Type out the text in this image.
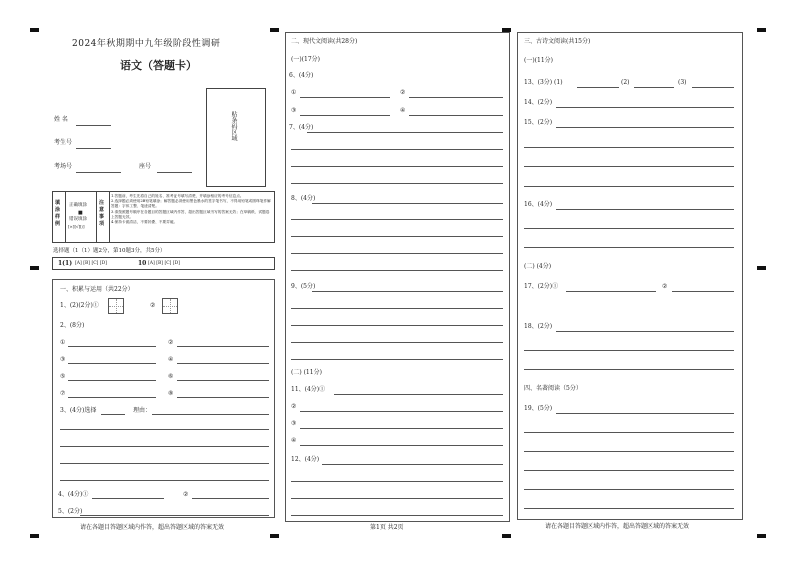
2024年秋期期中九年级阶段性调研
语文（答题卡）
姓 名
考生号
考场号	座号
贴条码区域
填涂样例
正确填涂
■
错误填涂
[×][√][/]
注意事项
1.答题前，考生先将自己的姓名、准考证号填写清楚，并填涂相应的考号信息点。
2.选择题必须使用2B铅笔填涂；解答题必须使用黑色墨水的签字笔书写，不得用铅笔或圆珠笔作解答题：字体工整、笔迹清楚。
3.请按照题号顺序在各题目的答题区域内作答，超出答题区域书写的答案无效；在草稿纸、试题卷上答题无效。
4.保持卡面清洁，不要折叠、不要弄破。
选择题（1（1）题2分，第10题3分，共5分）
1(1) [A] [B] [C] [D]	10 [A] [B] [C] [D]
一、积累与运用（共22分）
1、(2)(2分)①	②
2、(8分)
①	②
③	④
⑤	⑥
⑦	⑧
3、(4分)选择	理由：
4、(4分)①	②
5、(2分)
请在各题目答题区域内作答，超出答题区域的答案无效
二、现代文阅读(共28分)
(一)(17分)
6、(4分)
①	②
③	④
7、(4分)
8、(4分)
9、(5分)
(二) (11分)
11、(4分)①
②
③
④
12、(4分)
第1页 共2页
三、古诗文阅读(共15分)
(一)(11分)
13、(3分) (1)	(2)	(3)
14、(2分)
15、(2分)
16、(4分)
(二) (4分)
17、(2分)①	②
18、(2分)
四、名著阅读（5分）
19、(5分)
请在各题目答题区域内作答，超出答题区域的答案无效
